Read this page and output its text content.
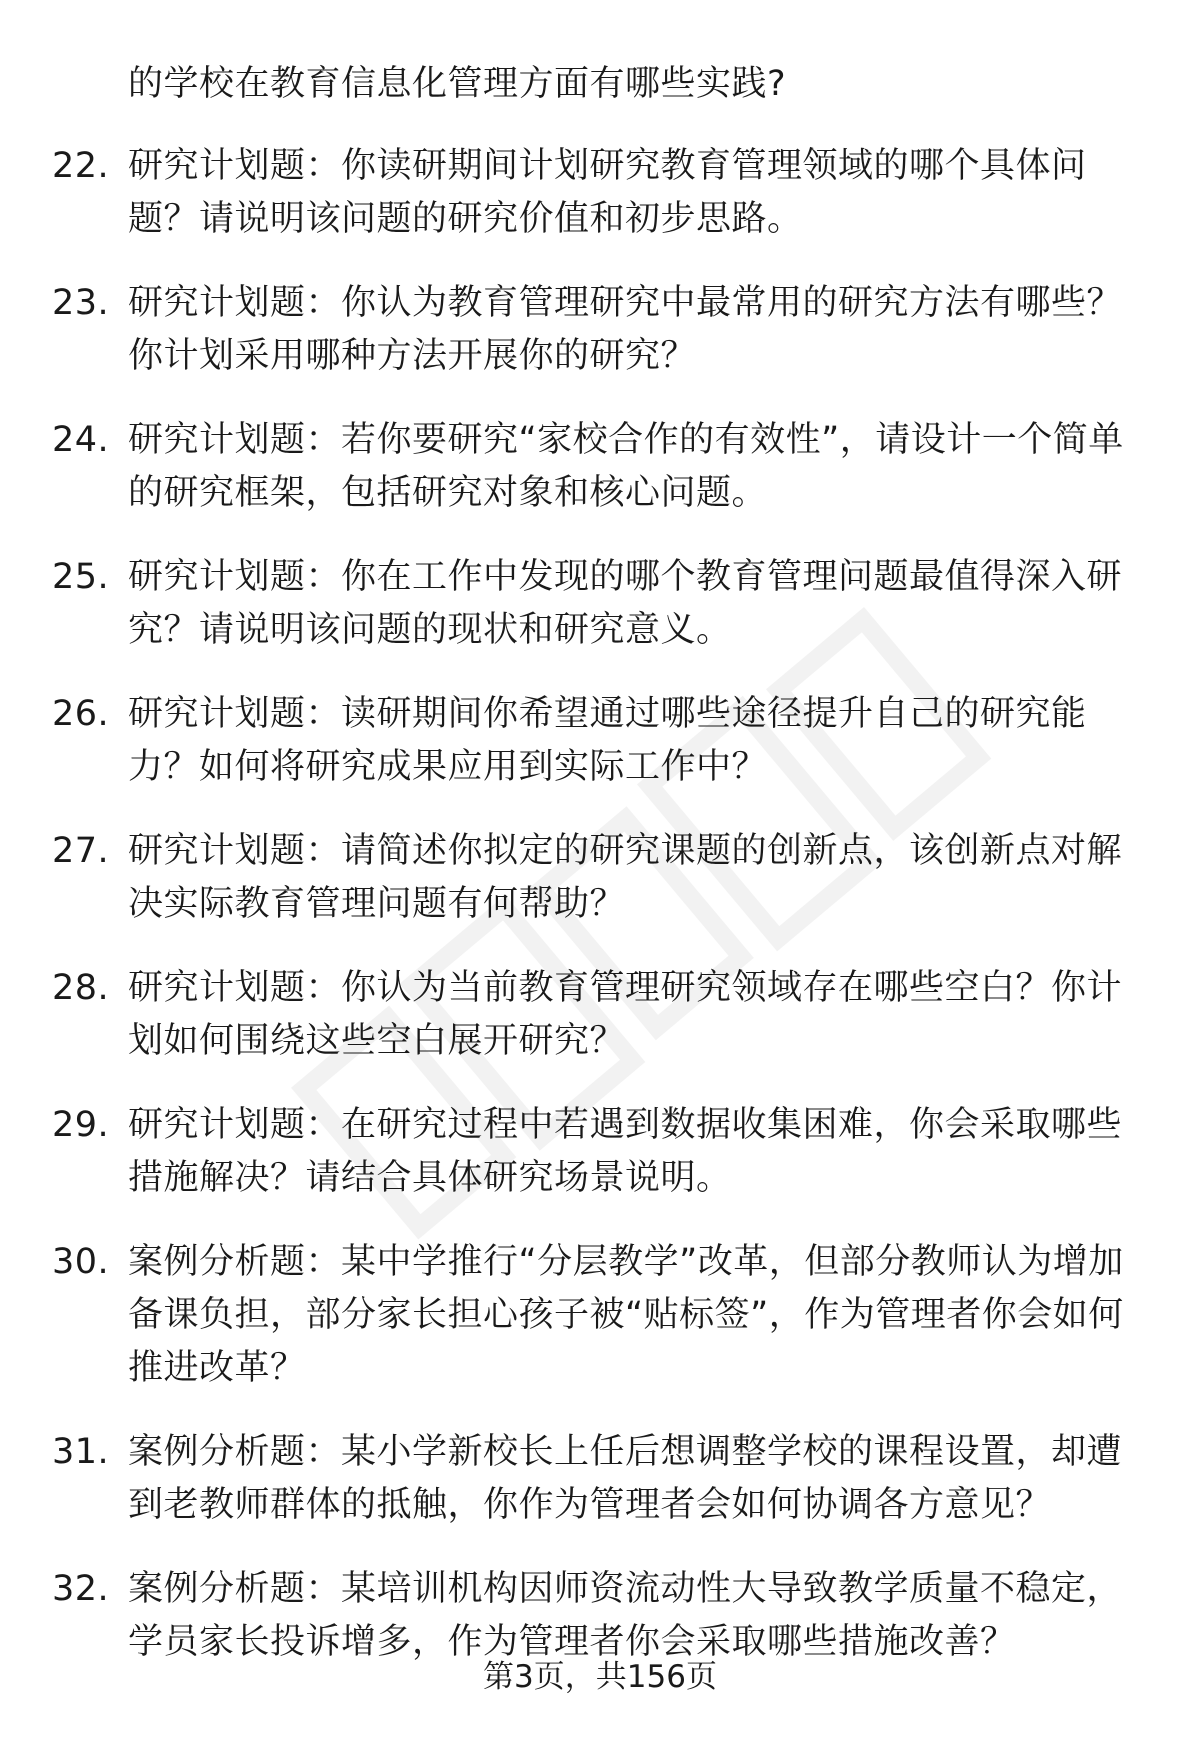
的学校在教育信息化管理方面有哪些实践?
22. 研究计划题：你读研期间计划研究教育管理领域的哪个具体问题？请说明该问题的研究价值和初步思路。
23. 研究计划题：你认为教育管理研究中最常用的研究方法有哪些？你计划采用哪种方法开展你的研究？
24. 研究计划题：若你要研究“家校合作的有效性”，请设计一个简单的研究框架，包括研究对象和核心问题。
25. 研究计划题：你在工作中发现的哪个教育管理问题最值得深入研究？请说明该问题的现状和研究意义。
26. 研究计划题：读研期间你希望通过哪些途径提升自己的研究能力？如何将研究成果应用到实际工作中？
27. 研究计划题：请简述你拟定的研究课题的创新点，该创新点对解决实际教育管理问题有何帮助？
28. 研究计划题：你认为当前教育管理研究领域存在哪些空白？你计划如何围绕这些空白展开研究？
29. 研究计划题：在研究过程中若遇到数据收集困难，你会采取哪些措施解决？请结合具体研究场景说明。
30. 案例分析题：某中学推行“分层教学”改革，但部分教师认为增加备课负担，部分家长担心孩子被“贴标签”，作为管理者你会如何推进改革？
31. 案例分析题：某小学新校长上任后想调整学校的课程设置，却遭到老教师群体的抵触，你作为管理者会如何协调各方意见？
32. 案例分析题：某培训机构因师资流动性大导致教学质量不稳定，学员家长投诉增多，作为管理者你会采取哪些措施改善？
第3页，共156页
